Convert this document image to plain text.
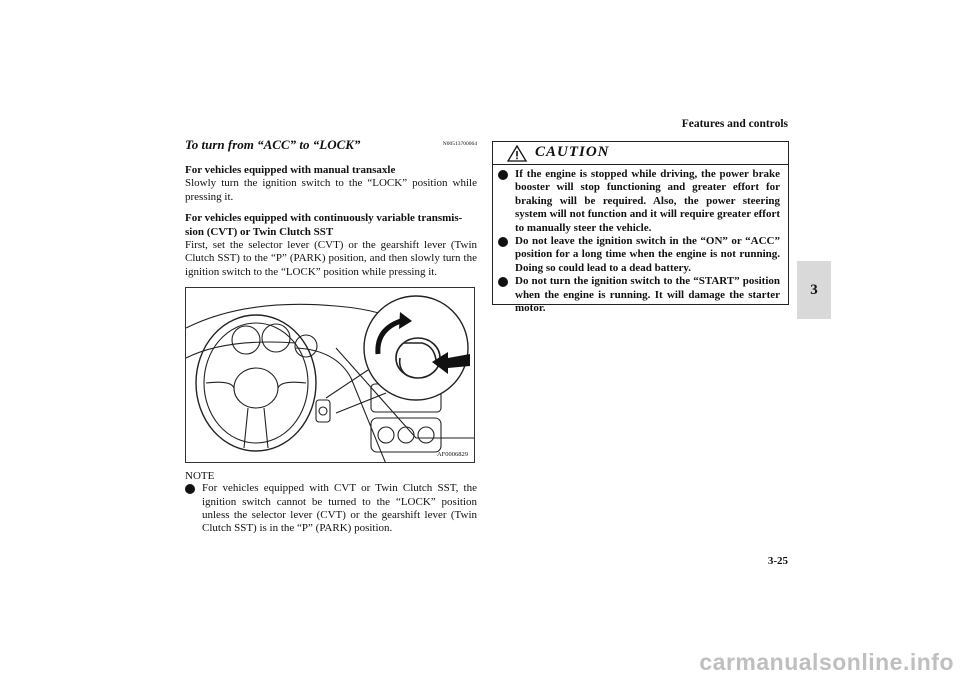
Features and controls
3
To turn from “ACC” to “LOCK”	N00513700064
For vehicles equipped with manual transaxle
Slowly turn the ignition switch to the “LOCK” position while pressing it.
For vehicles equipped with continuously variable transmis-sion (CVT) or Twin Clutch SST
First, set the selector lever (CVT) or the gearshift lever (Twin Clutch SST) to the “P” (PARK) position, and then slowly turn the ignition switch to the “LOCK” position while pressing it.
AF0006829
NOTE
For vehicles equipped with CVT or Twin Clutch SST, the ignition switch cannot be turned to the “LOCK” position unless the selector lever (CVT) or the gearshift lever (Twin Clutch SST) is in the “P” (PARK) position.
CAUTION
If the engine is stopped while driving, the power brake booster will stop functioning and greater effort for braking will be required. Also, the power steering system will not function and it will require greater effort to manually steer the vehicle.
Do not leave the ignition switch in the “ON” or “ACC” position for a long time when the engine is not running. Doing so could lead to a dead battery.
Do not turn the ignition switch to the “START” position when the engine is running. It will damage the starter motor.
3-25
carmanualsonline.info
